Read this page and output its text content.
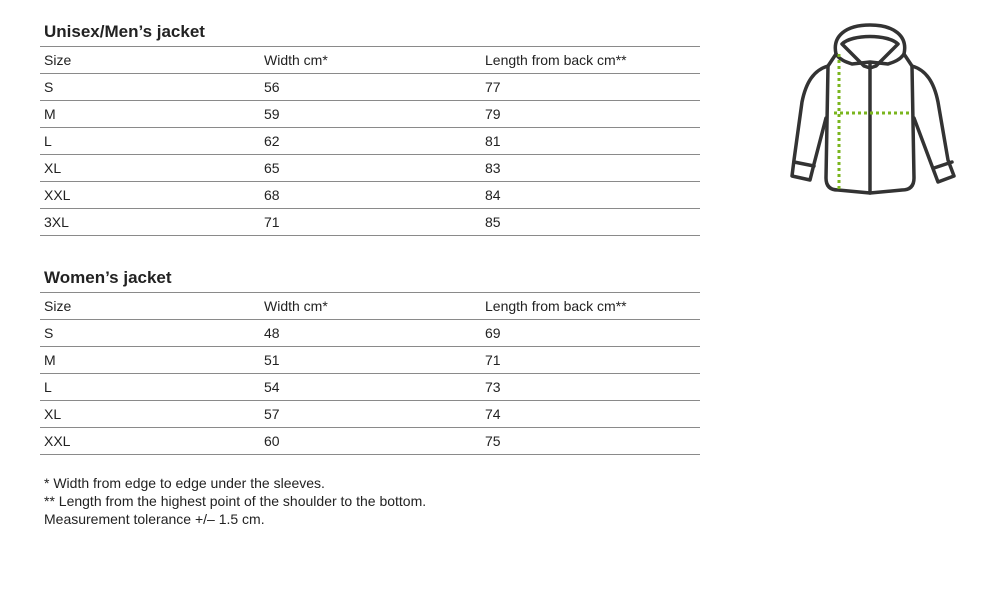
Unisex/Men’s jacket
Size	Width cm*	Length from back cm**
S	56	77
M	59	79
L	62	81
XL	65	83
XXL	68	84
3XL	71	85
Women’s jacket
Size	Width cm*	Length from back cm**
S	48	69
M	51	71
L	54	73
XL	57	74
XXL	60	75
* Width from edge to edge under the sleeves.
** Length from the highest point of the shoulder to the bottom.
Measurement tolerance +/– 1.5 cm.
